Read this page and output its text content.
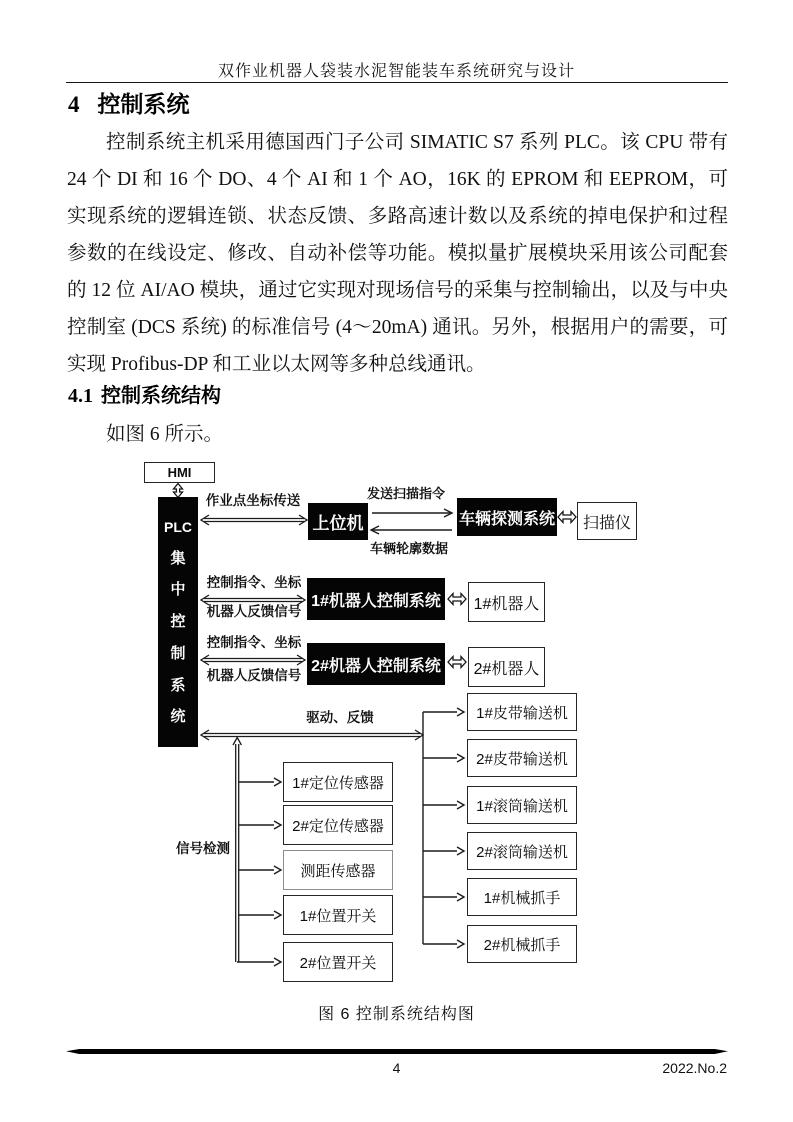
双作业机器人袋装水泥智能装车系统研究与设计
4 控制系统

控制系统主机采用德国西门子公司 SIMATIC S7 系列 PLC。该 CPU 带有 24 个 DI 和 16 个 DO、4 个 AI 和 1 个 AO，16K 的 EPROM 和 EEPROM，可实现系统的逻辑连锁、状态反馈、多路高速计数以及系统的掉电保护和过程参数的在线设定、修改、自动补偿等功能。模拟量扩展模块采用该公司配套的 12 位 AI/AO 模块，通过它实现对现场信号的采集与控制输出，以及与中央控制室 (DCS 系统) 的标准信号 (4～20mA) 通讯。另外，根据用户的需要，可实现 Profibus-DP 和工业以太网等多种总线通讯。

4.1 控制系统结构

如图 6 所示。

HMI
PLC
集
中
控
制
系
统
上位机	车辆探测系统	扫描仪
1#机器人控制系统	1#机器人
2#机器人控制系统	2#机器人
1#皮带输送机
2#皮带输送机
1#滚筒输送机
2#滚筒输送机
1#机械抓手
2#机械抓手
1#定位传感器
2#定位传感器
测距传感器
1#位置开关
2#位置开关
作业点坐标传送	发送扫描指令
车辆轮廓数据
控制指令、坐标
机器人反馈信号
控制指令、坐标
机器人反馈信号
驱动、反馈
信号检测
图 6 控制系统结构图
4	2022.No.2
